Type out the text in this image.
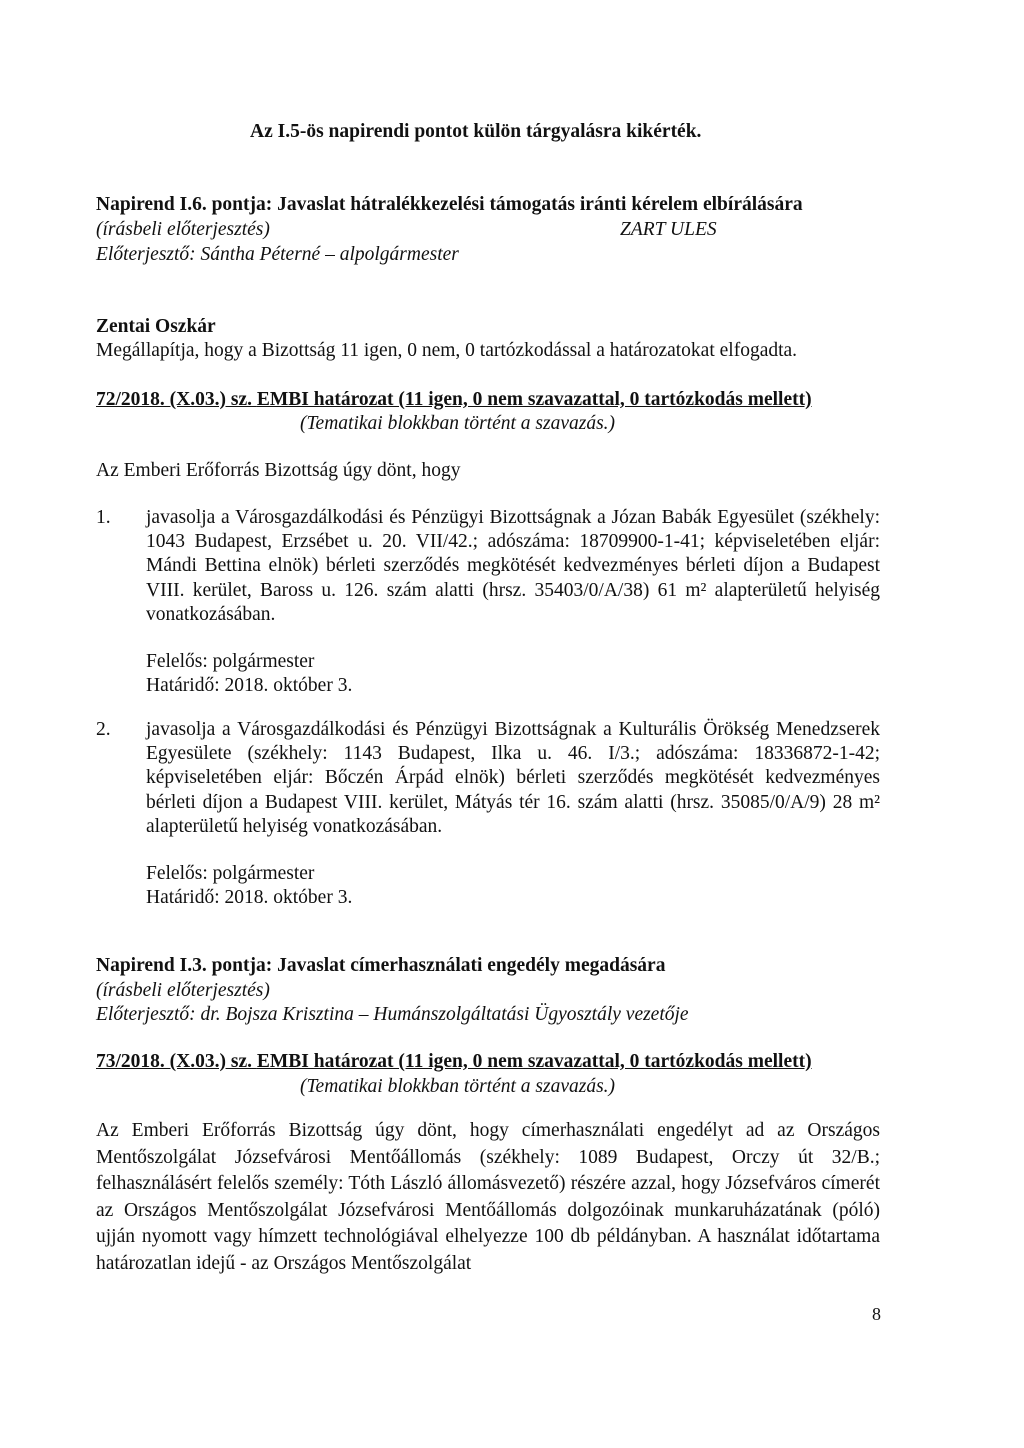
Az I.5-ös napirendi pontot külön tárgyalásra kikérték.
Napirend I.6. pontja: Javaslat hátralékkezelési támogatás iránti kérelem elbírálására
(írásbeli előterjesztés)	ZART ULES
Előterjesztő: Sántha Péterné – alpolgármester
Zentai Oszkár
Megállapítja, hogy a Bizottság 11 igen, 0 nem, 0 tartózkodással a határozatokat elfogadta.
72/2018. (X.03.) sz. EMBI határozat (11 igen, 0 nem szavazattal, 0 tartózkodás mellett)
(Tematikai blokkban történt a szavazás.)
Az Emberi Erőforrás Bizottság úgy dönt, hogy
1. javasolja a Városgazdálkodási és Pénzügyi Bizottságnak a Józan Babák Egyesület (székhely: 1043 Budapest, Erzsébet u. 20. VII/42.; adószáma: 18709900-1-41; képviseletében eljár: Mándi Bettina elnök) bérleti szerződés megkötését kedvezményes bérleti díjon a Budapest VIII. kerület, Baross u. 126. szám alatti (hrsz. 35403/0/A/38) 61 m² alapterületű helyiség vonatkozásában.
Felelős: polgármester
Határidő: 2018. október 3.
2. javasolja a Városgazdálkodási és Pénzügyi Bizottságnak a Kulturális Örökség Menedzserek Egyesülete (székhely: 1143 Budapest, Ilka u. 46. I/3.; adószáma: 18336872-1-42; képviseletében eljár: Bőczén Árpád elnök) bérleti szerződés megkötését kedvezményes bérleti díjon a Budapest VIII. kerület, Mátyás tér 16. szám alatti (hrsz. 35085/0/A/9) 28 m² alapterületű helyiség vonatkozásában.
Felelős: polgármester
Határidő: 2018. október 3.
Napirend I.3. pontja: Javaslat címerhasználati engedély megadására
(írásbeli előterjesztés)
Előterjesztő: dr. Bojsza Krisztina – Humánszolgáltatási Ügyosztály vezetője
73/2018. (X.03.) sz. EMBI határozat (11 igen, 0 nem szavazattal, 0 tartózkodás mellett)
(Tematikai blokkban történt a szavazás.)
Az Emberi Erőforrás Bizottság úgy dönt, hogy címerhasználati engedélyt ad az Országos Mentőszolgálat Józsefvárosi Mentőállomás (székhely: 1089 Budapest, Orczy út 32/B.; felhasználásért felelős személy: Tóth László állomásvezető) részére azzal, hogy Józsefváros címerét az Országos Mentőszolgálat Józsefvárosi Mentőállomás dolgozóinak munkaruházatának (póló) ujján nyomott vagy hímzett technológiával elhelyezze 100 db példányban. A használat időtartama határozatlan idejű - az Országos Mentőszolgálat
8
